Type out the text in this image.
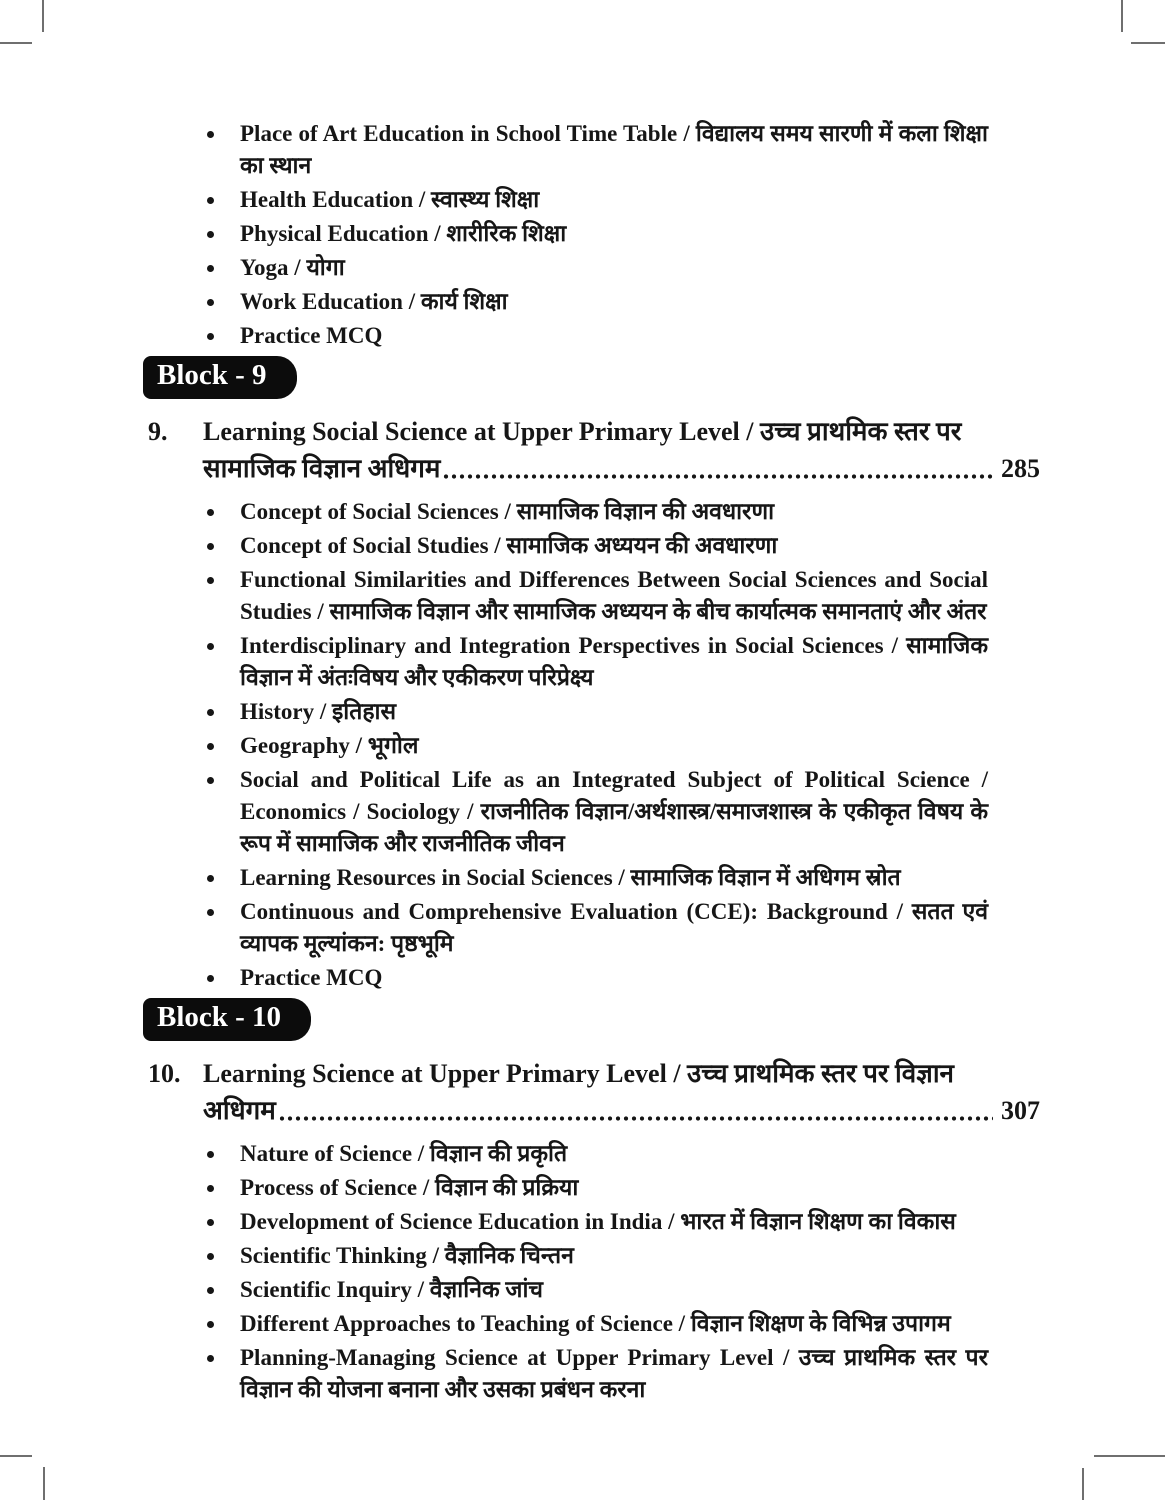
Place of Art Education in School Time Table / विद्यालय समय सारणी में कला शिक्षा का स्थान
Health Education / स्वास्थ्य शिक्षा
Physical Education / शारीरिक शिक्षा
Yoga / योगा
Work Education / कार्य शिक्षा
Practice MCQ
Block - 9
9.	Learning Social Science at Upper Primary Level / उच्च प्राथमिक स्तर पर
सामाजिक विज्ञान अधिगम	285
Concept of Social Sciences / सामाजिक विज्ञान की अवधारणा
Concept of Social Studies / सामाजिक अध्ययन की अवधारणा
Functional Similarities and Differences Between Social Sciences and Social Studies / सामाजिक विज्ञान और सामाजिक अध्ययन के बीच कार्यात्मक समानताएं और अंतर
Interdisciplinary and Integration Perspectives in Social Sciences / सामाजिक विज्ञान में अंतःविषय और एकीकरण परिप्रेक्ष्य
History / इतिहास
Geography / भूगोल
Social and Political Life as an Integrated Subject of Political Science / Economics / Sociology / राजनीतिक विज्ञान/अर्थशास्त्र/समाजशास्त्र के एकीकृत विषय के रूप में सामाजिक और राजनीतिक जीवन
Learning Resources in Social Sciences / सामाजिक विज्ञान में अधिगम स्रोत
Continuous and Comprehensive Evaluation (CCE): Background / सतत एवं व्यापक मूल्यांकन: पृष्ठभूमि
Practice MCQ
Block - 10
10. Learning Science at Upper Primary Level / उच्च प्राथमिक स्तर पर विज्ञान
अधिगम	307
Nature of Science / विज्ञान की प्रकृति
Process of Science / विज्ञान की प्रक्रिया
Development of Science Education in India / भारत में विज्ञान शिक्षण का विकास
Scientific Thinking / वैज्ञानिक चिन्तन
Scientific Inquiry / वैज्ञानिक जांच
Different Approaches to Teaching of Science / विज्ञान शिक्षण के विभिन्न उपागम
Planning-Managing Science at Upper Primary Level / उच्च प्राथमिक स्तर पर विज्ञान की योजना बनाना और उसका प्रबंधन करना
